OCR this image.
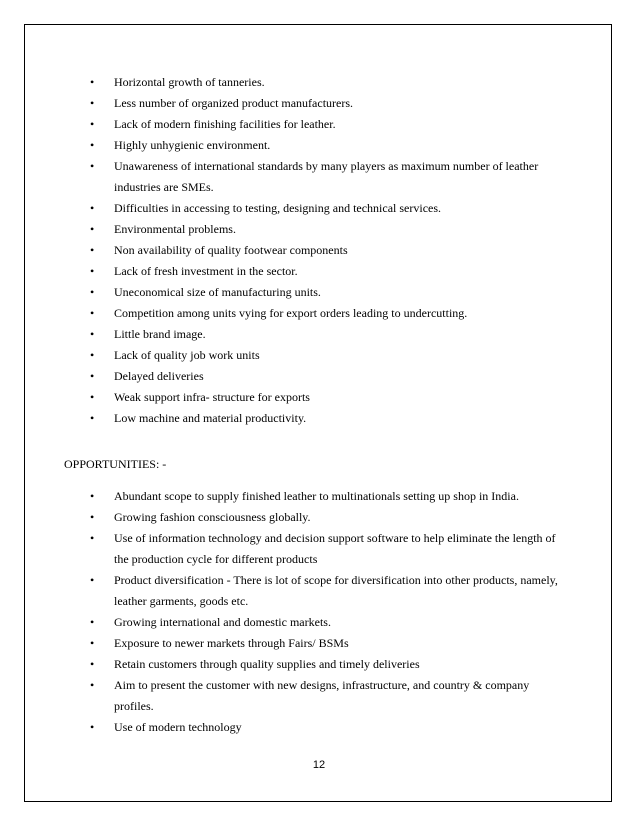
• Horizontal growth of tanneries.
• Less number of organized product manufacturers.
• Lack of modern finishing facilities for leather.
• Highly unhygienic environment.
• Unawareness of international standards by many players as maximum number of leather industries are SMEs.
• Difficulties in accessing to testing, designing and technical services.
• Environmental problems.
• Non availability of quality footwear components
• Lack of fresh investment in the sector.
• Uneconomical size of manufacturing units.
• Competition among units vying for export orders leading to undercutting.
• Little brand image.
• Lack of quality job work units
• Delayed deliveries
• Weak support infra- structure for exports
• Low machine and material productivity.
OPPORTUNITIES: -
• Abundant scope to supply finished leather to multinationals setting up shop in India.
• Growing fashion consciousness globally.
• Use of information technology and decision support software to help eliminate the length of the production cycle for different products
• Product diversification - There is lot of scope for diversification into other products, namely, leather garments, goods etc.
• Growing international and domestic markets.
• Exposure to newer markets through Fairs/ BSMs
• Retain customers through quality supplies and timely deliveries
• Aim to present the customer with new designs, infrastructure, and country & company profiles.
• Use of modern technology
12
